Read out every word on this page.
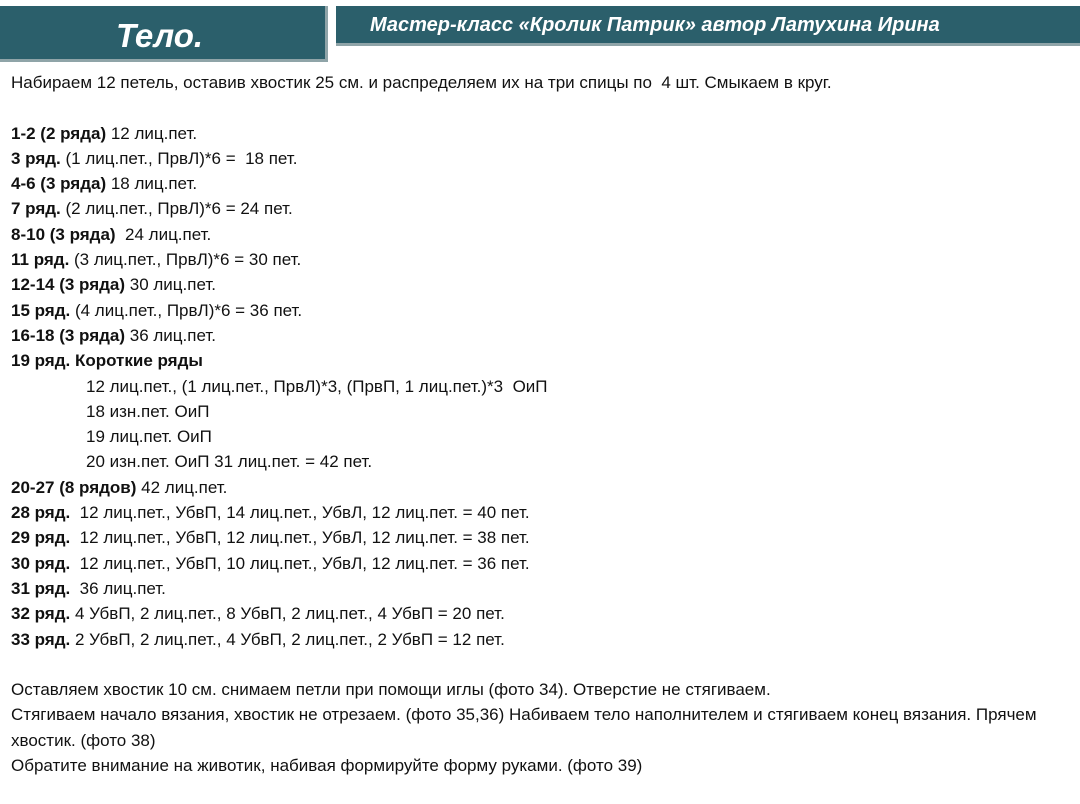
Тело.	Мастер-класс «Кролик Патрик» автор Латухина Ирина
Набираем 12 петель, оставив хвостик 25 см. и распределяем их на три спицы по  4 шт. Смыкаем в круг.
1-2 (2 ряда) 12 лиц.пет.
3 ряд. (1 лиц.пет., ПрвЛ)*6 =  18 пет.
4-6 (3 ряда) 18 лиц.пет.
7 ряд. (2 лиц.пет., ПрвЛ)*6 = 24 пет.
8-10 (3 ряда)  24 лиц.пет.
11 ряд. (3 лиц.пет., ПрвЛ)*6 = 30 пет.
12-14 (3 ряда) 30 лиц.пет.
15 ряд. (4 лиц.пет., ПрвЛ)*6 = 36 пет.
16-18 (3 ряда) 36 лиц.пет.
19 ряд. Короткие ряды
12 лиц.пет., (1 лиц.пет., ПрвЛ)*3, (ПрвП, 1 лиц.пет.)*3  ОиП
18 изн.пет. ОиП
19 лиц.пет. ОиП
20 изн.пет. ОиП 31 лиц.пет. = 42 пет.
20-27 (8 рядов) 42 лиц.пет.
28 ряд.  12 лиц.пет., УбвП, 14 лиц.пет., УбвЛ, 12 лиц.пет. = 40 пет.
29 ряд.  12 лиц.пет., УбвП, 12 лиц.пет., УбвЛ, 12 лиц.пет. = 38 пет.
30 ряд.  12 лиц.пет., УбвП, 10 лиц.пет., УбвЛ, 12 лиц.пет. = 36 пет.
31 ряд.  36 лиц.пет.
32 ряд. 4 УбвП, 2 лиц.пет., 8 УбвП, 2 лиц.пет., 4 УбвП = 20 пет.
33 ряд. 2 УбвП, 2 лиц.пет., 4 УбвП, 2 лиц.пет., 2 УбвП = 12 пет.
Оставляем хвостик 10 см. снимаем петли при помощи иглы (фото 34). Отверстие не стягиваем.
Стягиваем начало вязания, хвостик не отрезаем. (фото 35,36) Набиваем тело наполнителем и стягиваем конец вязания. Прячем хвостик. (фото 38)
Обратите внимание на животик, набивая формируйте форму руками. (фото 39)
